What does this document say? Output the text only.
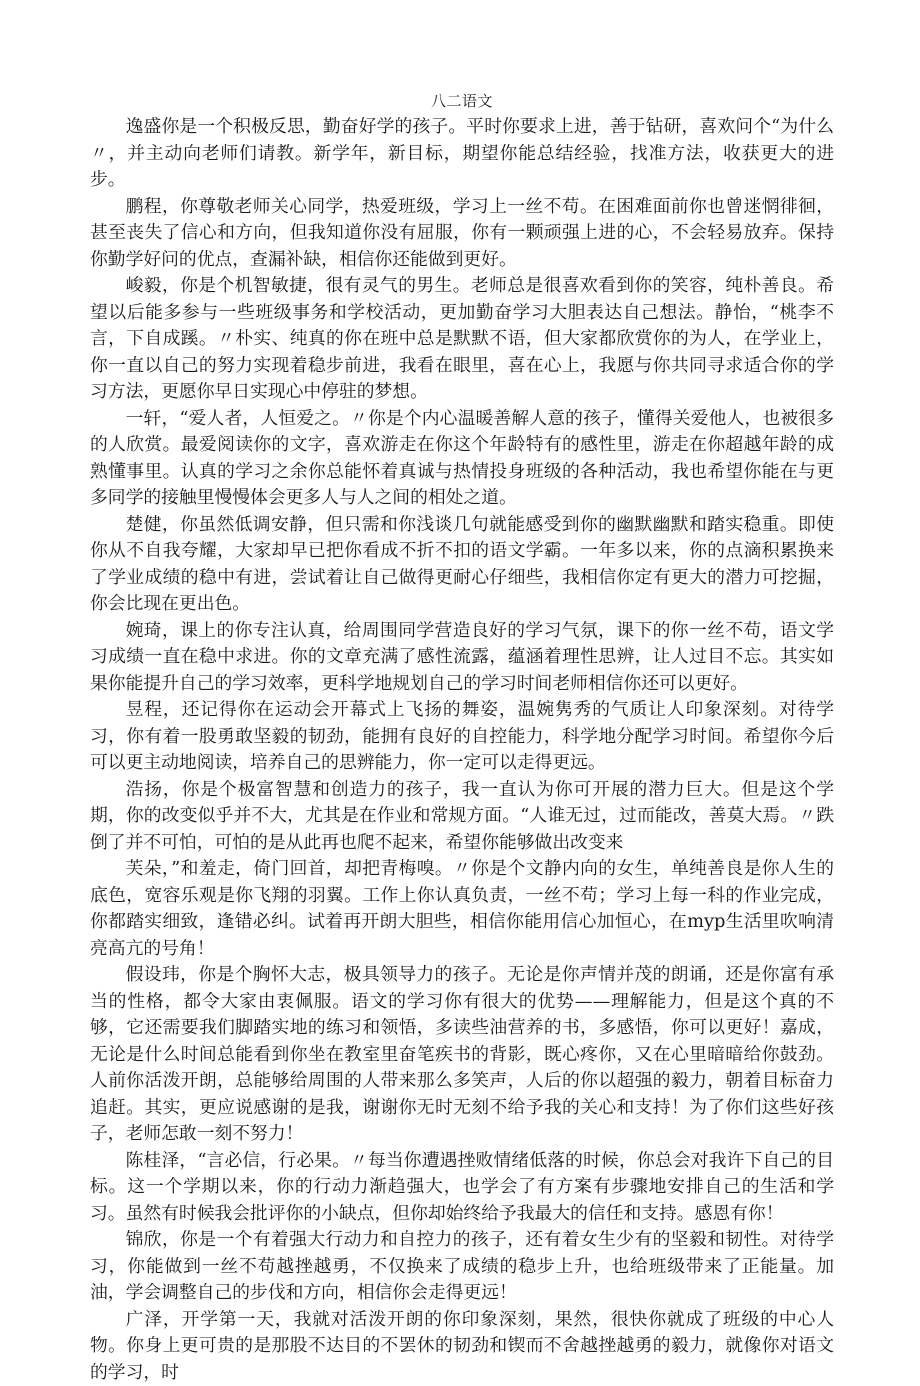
八二语文

逸盛你是一个积极反思，勤奋好学的孩子。平时你要求上进，善于钻研，喜欢问个“为什么〃，并主动向老师们请教。新学年，新目标，期望你能总结经验，找准方法，收获更大的进步。

鹏程，你尊敬老师关心同学，热爱班级，学习上一丝不苟。在困难面前你也曾迷惘徘徊，甚至丧失了信心和方向，但我知道你没有屈服，你有一颗顽强上进的心，不会轻易放弃。保持你勤学好问的优点，查漏补缺，相信你还能做到更好。

峻毅，你是个机智敏捷，很有灵气的男生。老师总是很喜欢看到你的笑容，纯朴善良。希望以后能多参与一些班级事务和学校活动，更加勤奋学习大胆表达自己想法。静怡，“桃李不言，下自成蹊。〃朴实、纯真的你在班中总是默默不语，但大家都欣赏你的为人，在学业上，你一直以自己的努力实现着稳步前进，我看在眼里，喜在心上，我愿与你共同寻求适合你的学习方法，更愿你早日实现心中停驻的梦想。

一轩，“爱人者，人恒爱之。〃你是个内心温暖善解人意的孩子，懂得关爱他人，也被很多的人欣赏。最爱阅读你的文字，喜欢游走在你这个年龄特有的感性里，游走在你超越年龄的成熟懂事里。认真的学习之余你总能怀着真诚与热情投身班级的各种活动，我也希望你能在与更多同学的接触里慢慢体会更多人与人之间的相处之道。

楚健，你虽然低调安静，但只需和你浅谈几句就能感受到你的幽默幽默和踏实稳重。即使你从不自我夸耀，大家却早已把你看成不折不扣的语文学霸。一年多以来，你的点滴积累换来了学业成绩的稳中有进，尝试着让自己做得更耐心仔细些，我相信你定有更大的潜力可挖掘，你会比现在更出色。

婉琦，课上的你专注认真，给周围同学营造良好的学习气氛，课下的你一丝不苟，语文学习成绩一直在稳中求进。你的文章充满了感性流露，蕴涵着理性思辨，让人过目不忘。其实如果你能提升自己的学习效率，更科学地规划自己的学习时间老师相信你还可以更好。

昱程，还记得你在运动会开幕式上飞扬的舞姿，温婉隽秀的气质让人印象深刻。对待学习，你有着一股勇敢坚毅的韧劲，能拥有良好的自控能力，科学地分配学习时间。希望你今后可以更主动地阅读，培养自己的思辨能力，你一定可以走得更远。

浩扬，你是个极富智慧和创造力的孩子，我一直认为你可开展的潜力巨大。但是这个学期，你的改变似乎并不大，尤其是在作业和常规方面。“人谁无过，过而能改，善莫大焉。〃跌倒了并不可怕，可怕的是从此再也爬不起来，希望你能够做出改变来

芙朵，”和羞走，倚门回首，却把青梅嗅。〃你是个文静内向的女生，单纯善良是你人生的底色，宽容乐观是你飞翔的羽翼。工作上你认真负责，一丝不苟；学习上每一科的作业完成，你都踏实细致，逢错必纠。试着再开朗大胆些，相信你能用信心加恒心，在myp生活里吹响清亮高亢的号角！

假设玮，你是个胸怀大志，极具领导力的孩子。无论是你声情并茂的朗诵，还是你富有承当的性格，都令大家由衷佩服。语文的学习你有很大的优势——理解能力，但是这个真的不够，它还需要我们脚踏实地的练习和领悟，多读些油营养的书，多感悟，你可以更好！嘉成，无论是什么时间总能看到你坐在教室里奋笔疾书的背影，既心疼你，又在心里暗暗给你鼓劲。人前你活泼开朗，总能够给周围的人带来那么多笑声，人后的你以超强的毅力，朝着目标奋力追赶。其实，更应说感谢的是我，谢谢你无时无刻不给予我的关心和支持！为了你们这些好孩子，老师怎敢一刻不努力！

陈桂泽，“言必信，行必果。〃每当你遭遇挫败情绪低落的时候，你总会对我许下自己的目标。这一个学期以来，你的行动力渐趋强大，也学会了有方案有步骤地安排自己的生活和学习。虽然有时候我会批评你的小缺点，但你却始终给予我最大的信任和支持。感恩有你！

锦欣，你是一个有着强大行动力和自控力的孩子，还有着女生少有的坚毅和韧性。对待学习，你能做到一丝不苟越挫越勇，不仅换来了成绩的稳步上升，也给班级带来了正能量。加油，学会调整自己的步伐和方向，相信你会走得更远！

广泽，开学第一天，我就对活泼开朗的你印象深刻，果然，很快你就成了班级的中心人物。你身上更可贵的是那股不达目的不罢休的韧劲和锲而不舍越挫越勇的毅力，就像你对语文的学习，时
